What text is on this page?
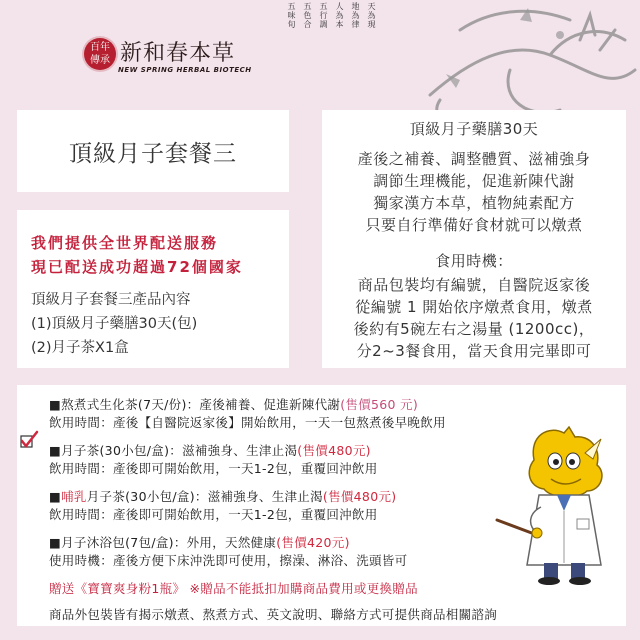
百年
傳承 新和春本草
NEW SPRING HERBAL BIOTECH
天為現
地為律
人為本
五行調
五色合
五味旬
頂級月子套餐三
我們提供全世界配送服務
現已配送成功超過72個國家
頂級月子套餐三產品內容
(1)頂級月子藥膳30天(包)
(2)月子茶X1盒
頂級月子藥膳30天
產後之補養、調整體質、滋補強身
調節生理機能，促進新陳代謝
獨家漢方本草，植物純素配方
只要自行準備好食材就可以燉煮
食用時機：
商品包裝均有編號，自醫院返家後
從編號 1 開始依序燉煮食用，燉煮
後約有5碗左右之湯量 (1200cc)，
分2~3餐食用，當天食用完畢即可
■熬煮式生化茶(7天/份)：產後補養、促進新陳代謝(售價560 元)
飲用時間：產後【自醫院返家後】開始飲用，一天一包熬煮後早晚飲用
■月子茶(30小包/盒)：滋補強身、生津止渴(售價480元)
飲用時間：產後即可開始飲用，一天1-2包，重覆回沖飲用
■哺乳月子茶(30小包/盒)：滋補強身、生津止渴(售價480元)
飲用時間：產後即可開始飲用，一天1-2包，重覆回沖飲用
■月子沐浴包(7包/盒)：外用，天然健康(售價420元)
使用時機：產後方便下床沖洗即可使用，擦澡、淋浴、洗頭皆可
贈送《寶寶爽身粉1瓶》 ※贈品不能抵扣加購商品費用或更換贈品
商品外包裝皆有揭示燉煮、熬煮方式、英文說明、聯絡方式可提供商品相關諮詢
